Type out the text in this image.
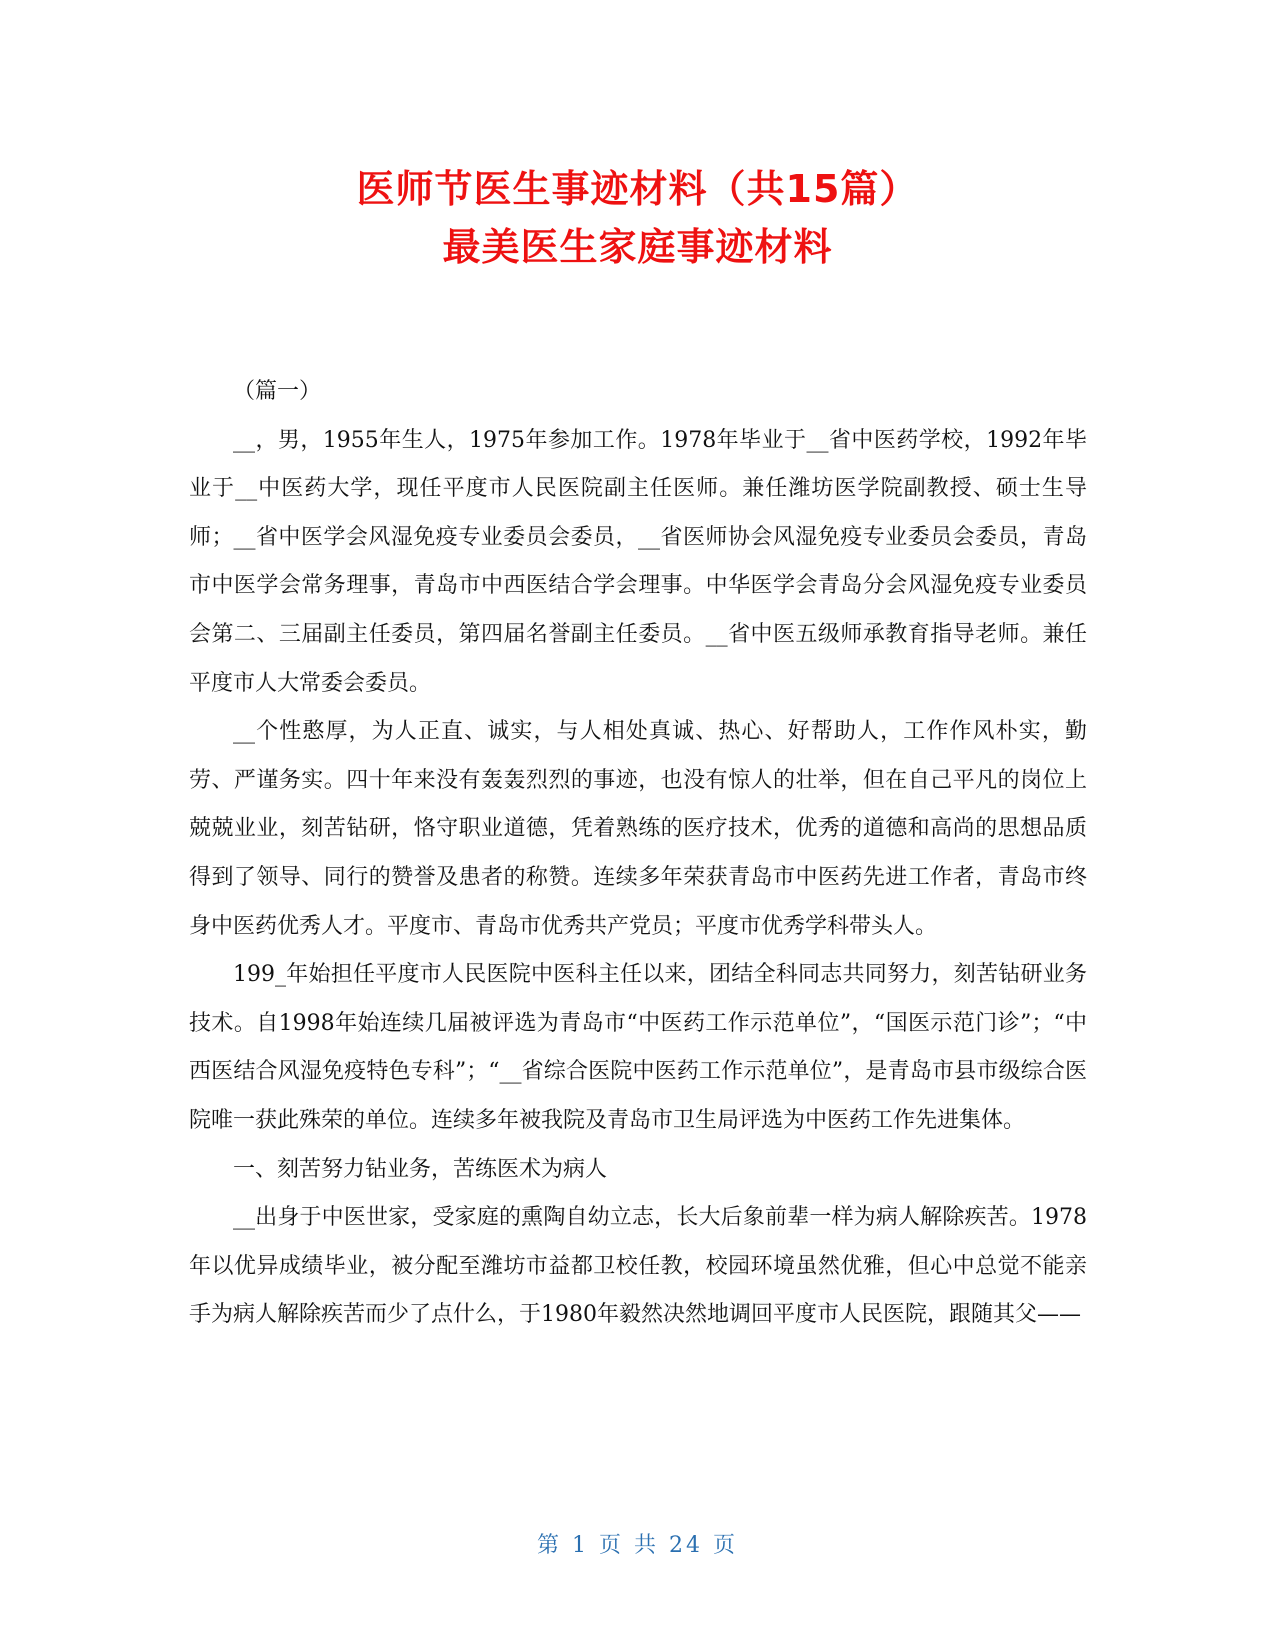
医师节医生事迹材料（共15篇）
最美医生家庭事迹材料

（篇一）

__，男，1955年生人，1975年参加工作。1978年毕业于__省中医药学校，1992年毕业于__中医药大学，现任平度市人民医院副主任医师。兼任潍坊医学院副教授、硕士生导师；__省中医学会风湿免疫专业委员会委员，__省医师协会风湿免疫专业委员会委员，青岛市中医学会常务理事，青岛市中西医结合学会理事。中华医学会青岛分会风湿免疫专业委员会第二、三届副主任委员，第四届名誉副主任委员。__省中医五级师承教育指导老师。兼任平度市人大常委会委员。

__个性憨厚，为人正直、诚实，与人相处真诚、热心、好帮助人，工作作风朴实，勤劳、严谨务实。四十年来没有轰轰烈烈的事迹，也没有惊人的壮举，但在自己平凡的岗位上兢兢业业，刻苦钻研，恪守职业道德，凭着熟练的医疗技术，优秀的道德和高尚的思想品质得到了领导、同行的赞誉及患者的称赞。连续多年荣获青岛市中医药先进工作者，青岛市终身中医药优秀人才。平度市、青岛市优秀共产党员；平度市优秀学科带头人。

199_年始担任平度市人民医院中医科主任以来，团结全科同志共同努力，刻苦钻研业务技术。自1998年始连续几届被评选为青岛市“中医药工作示范单位”，“国医示范门诊”；“中西医结合风湿免疫特色专科”；“__省综合医院中医药工作示范单位”，是青岛市县市级综合医院唯一获此殊荣的单位。连续多年被我院及青岛市卫生局评选为中医药工作先进集体。

一、刻苦努力钻业务，苦练医术为病人

__出身于中医世家，受家庭的熏陶自幼立志，长大后象前辈一样为病人解除疾苦。1978年以优异成绩毕业，被分配至潍坊市益都卫校任教，校园环境虽然优雅，但心中总觉不能亲手为病人解除疾苦而少了点什么，于1980年毅然决然地调回平度市人民医院，跟随其父——

第 1 页 共 24 页
